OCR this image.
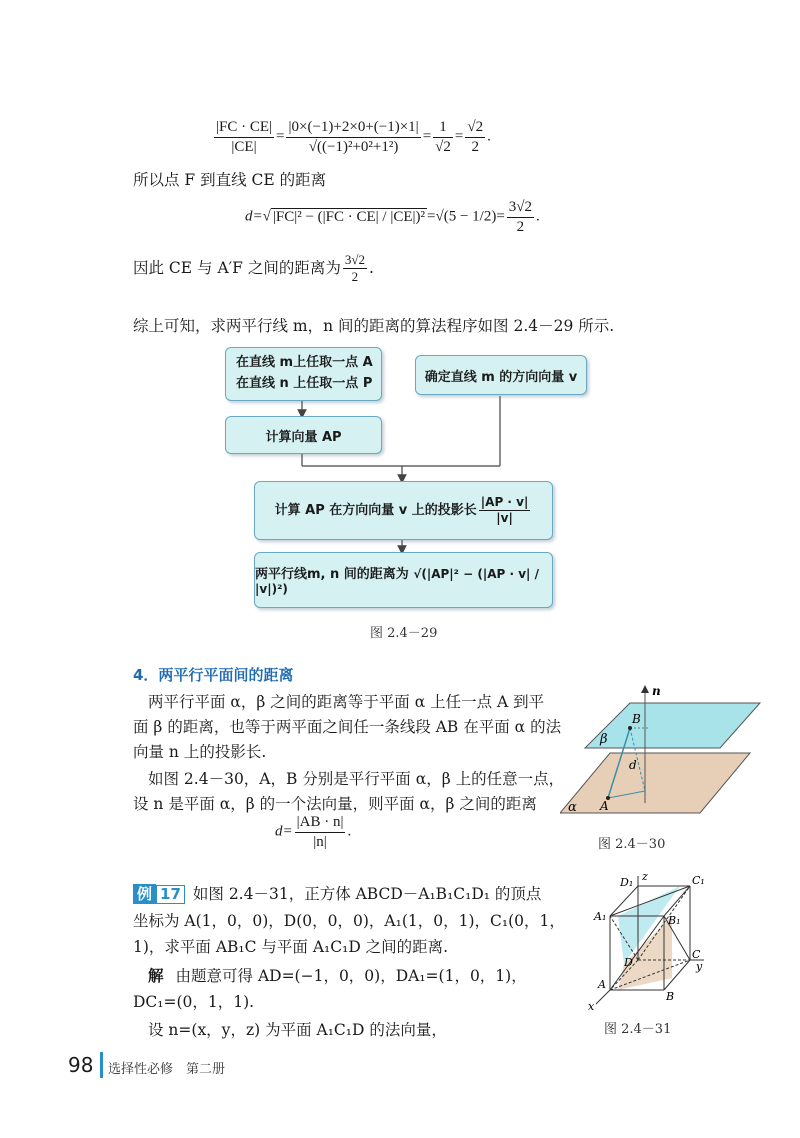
$\frac{|FC \cdot CE|}{|CE|} = \frac{|0\times(-1)+2\times 0+(-1)\times 1|}{\text{√((−1)²+0²+1²)}} = \frac{1}{√2} = \frac{√2}{2}$ .
所以点 F 到直线 CE 的距离
d=√ $|FC|^2 - (|FC \cdot CE| / |CE|)^2 =√(5 - 1/2)= \frac{3√2}{2}$ .
因此 CE 与 A′F 之间的距离为 $\frac{3√2}{2}$ .
综上可知，求两平行线 m，n 间的距离的算法程序如图 2.4－29 所示.
在直线 m上任取一点 A
在直线 n 上任取一点 P	确定直线 m 的方向向量 v
计算向量 AP
计算 AP 在方向向量 v 上的投影长 $\frac{|AP \cdot v|}{|v|}$
两平行线m, n 间的距离为 √(|AP|² − (|AP · v| / |v|)²)
图 2.4－29
4．两平行平面间的距离
两平行平面 α，β 之间的距离等于平面 α 上任一点 A 到平
面 β 的距离，也等于两平面之间任一条线段 AB 在平面 α 的法
向量 n 上的投影长.
如图 2.4－30，A，B 分别是平行平面 α，β 上的任意一点，
设 n 是平面 α，β 的一个法向量，则平面 α，β 之间的距离
$d= \frac{|AB \cdot n|}{|n|}$ .
n
B
β
d
A
α
图 2.4－30
例 17 如图 2.4－31，正方体 ABCD－A₁B₁C₁D₁ 的顶点
坐标为 A(1，0，0)，D(0，0，0)，A₁(1，0，1)，C₁(0，1，
1)，求平面 AB₁C 与平面 A₁C₁D 之间的距离.
解 由题意可得 AD=(−1，0，0)，DA₁=(1，0，1)，
DC₁=(0，1，1).
设 n=(x，y，z) 为平面 A₁C₁D 的法向量，
D₁ z	C₁
A₁	B₁
D
C
y
A
B
x
图 2.4－31
98 选择性必修　第二册
